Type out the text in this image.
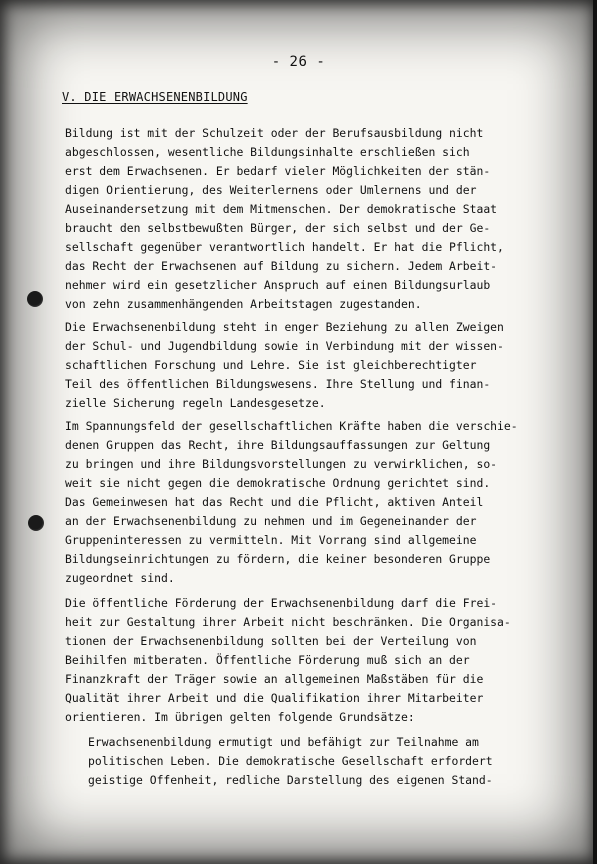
- 26 -
V. DIE ERWACHSENENBILDUNG
Bildung ist mit der Schulzeit oder der Berufsausbildung nicht
abgeschlossen, wesentliche Bildungsinhalte erschließen sich
erst dem Erwachsenen. Er bedarf vieler Möglichkeiten der stän-
digen Orientierung, des Weiterlernens oder Umlernens und der
Auseinandersetzung mit dem Mitmenschen. Der demokratische Staat
braucht den selbstbewußten Bürger, der sich selbst und der Ge-
sellschaft gegenüber verantwortlich handelt. Er hat die Pflicht,
das Recht der Erwachsenen auf Bildung zu sichern. Jedem Arbeit-
nehmer wird ein gesetzlicher Anspruch auf einen Bildungsurlaub
von zehn zusammenhängenden Arbeitstagen zugestanden.
Die Erwachsenenbildung steht in enger Beziehung zu allen Zweigen
der Schul- und Jugendbildung sowie in Verbindung mit der wissen-
schaftlichen Forschung und Lehre. Sie ist gleichberechtigter
Teil des öffentlichen Bildungswesens. Ihre Stellung und finan-
zielle Sicherung regeln Landesgesetze.
Im Spannungsfeld der gesellschaftlichen Kräfte haben die verschie-
denen Gruppen das Recht, ihre Bildungsauffassungen zur Geltung
zu bringen und ihre Bildungsvorstellungen zu verwirklichen, so-
weit sie nicht gegen die demokratische Ordnung gerichtet sind.
Das Gemeinwesen hat das Recht und die Pflicht, aktiven Anteil
an der Erwachsenenbildung zu nehmen und im Gegeneinander der
Gruppeninteressen zu vermitteln. Mit Vorrang sind allgemeine
Bildungseinrichtungen zu fördern, die keiner besonderen Gruppe
zugeordnet sind.
Die öffentliche Förderung der Erwachsenenbildung darf die Frei-
heit zur Gestaltung ihrer Arbeit nicht beschränken. Die Organisa-
tionen der Erwachsenenbildung sollten bei der Verteilung von
Beihilfen mitberaten. Öffentliche Förderung muß sich an der
Finanzkraft der Träger sowie an allgemeinen Maßstäben für die
Qualität ihrer Arbeit und die Qualifikation ihrer Mitarbeiter
orientieren. Im übrigen gelten folgende Grundsätze:
Erwachsenenbildung ermutigt und befähigt zur Teilnahme am
politischen Leben. Die demokratische Gesellschaft erfordert
geistige Offenheit, redliche Darstellung des eigenen Stand-
